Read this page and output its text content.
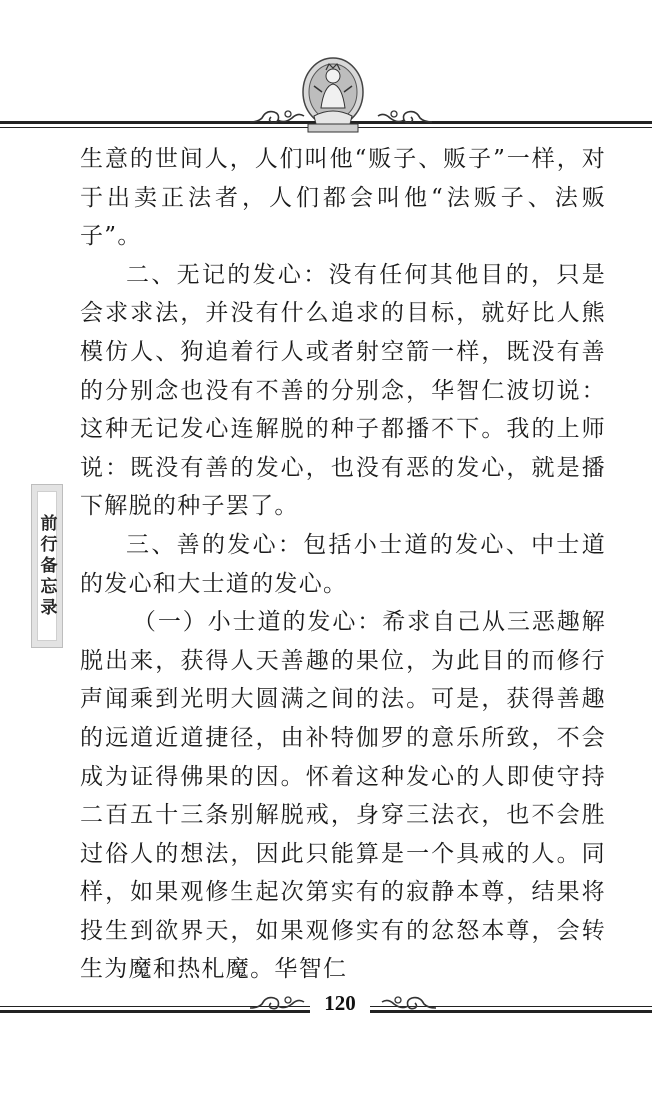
生意的世间人，人们叫他“贩子、贩子”一样，对于出卖正法者，人们都会叫他“法贩子、法贩子”。

二、无记的发心：没有任何其他目的，只是会求求法，并没有什么追求的目标，就好比人熊模仿人、狗追着行人或者射空箭一样，既没有善的分别念也没有不善的分别念，华智仁波切说：这种无记发心连解脱的种子都播不下。我的上师说：既没有善的发心，也没有恶的发心，就是播下解脱的种子罢了。

三、善的发心：包括小士道的发心、中士道的发心和大士道的发心。

（一）小士道的发心：希求自己从三恶趣解脱出来，获得人天善趣的果位，为此目的而修行声闻乘到光明大圆满之间的法。可是，获得善趣的远道近道捷径，由补特伽罗的意乐所致，不会成为证得佛果的因。怀着这种发心的人即使守持二百五十三条别解脱戒，身穿三法衣，也不会胜过俗人的想法，因此只能算是一个具戒的人。同样，如果观修生起次第实有的寂静本尊，结果将投生到欲界天，如果观修实有的忿怒本尊，会转生为魔和热札魔。华智仁

前行备忘录
120
